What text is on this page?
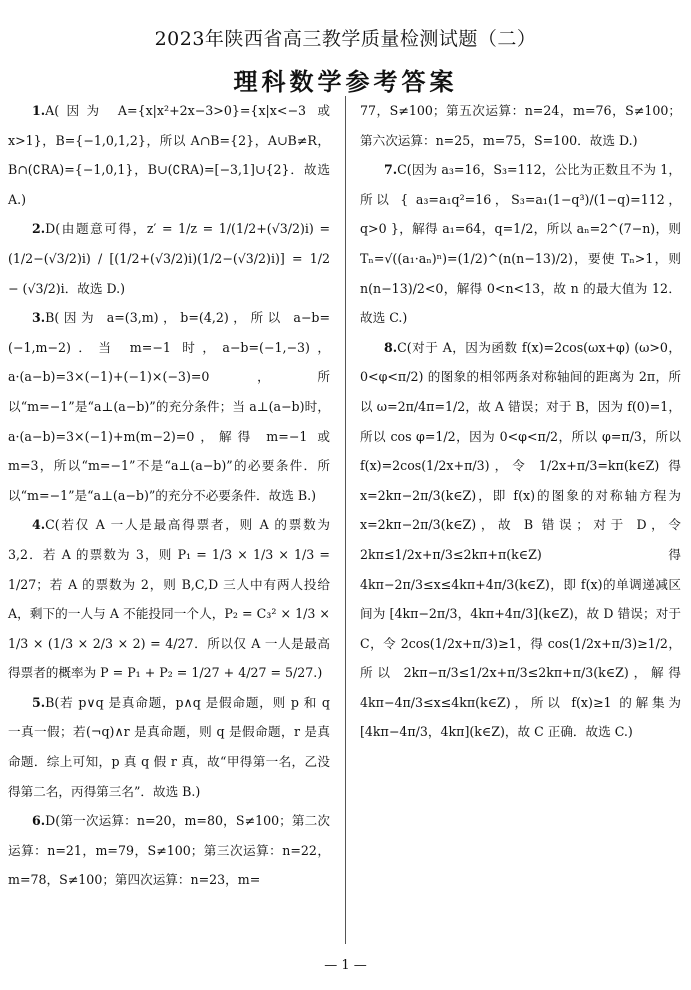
2023年陕西省高三教学质量检测试题（二）
理科数学参考答案

1.A(因为 A={x|x²+2x−3>0}={x|x<−3 或 x>1}，B={−1,0,1,2}，所以 A∩B={2}，A∪B≠R，B∩(∁RA)={−1,0,1}，B∪(∁RA)=[−3,1]∪{2}．故选 A.)

2.D(由题意可得，z′ = 1/z = 1/(1/2+(√3/2)i) = (1/2−(√3/2)i) / [(1/2+(√3/2)i)(1/2−(√3/2)i)] = 1/2 − (√3/2)i．故选 D.)

3.B(因为 a=(3,m)，b=(4,2)，所以 a−b=(−1,m−2)．当 m=−1 时，a−b=(−1,−3)，a·(a−b)=3×(−1)+(−1)×(−3)=0，所以“m=−1”是“a⊥(a−b)”的充分条件；当 a⊥(a−b)时，a·(a−b)=3×(−1)+m(m−2)=0，解得 m=−1 或 m=3，所以“m=−1”不是“a⊥(a−b)”的必要条件．所以“m=−1”是“a⊥(a−b)”的充分不必要条件．故选 B.)

4.C(若仅 A 一人是最高得票者，则 A 的票数为 3,2．若 A 的票数为 3，则 P₁ = 1/3 × 1/3 × 1/3 = 1/27；若 A 的票数为 2，则 B,C,D 三人中有两人投给 A，剩下的一人与 A 不能投同一个人，P₂ = C₃² × 1/3 × 1/3 × (1/3 × 2/3 × 2) = 4/27．所以仅 A 一人是最高得票者的概率为 P = P₁ + P₂ = 1/27 + 4/27 = 5/27.)

5.B(若 p∨q 是真命题，p∧q 是假命题，则 p 和 q 一真一假；若(¬q)∧r 是真命题，则 q 是假命题，r 是真命题．综上可知，p 真 q 假 r 真，故“甲得第一名，乙没得第二名，丙得第三名”．故选 B.)

6.D(第一次运算：n=20，m=80，S≠100；第二次运算：n=21，m=79，S≠100；第三次运算：n=22，m=78，S≠100；第四次运算：n=23，m=

77，S≠100；第五次运算：n=24，m=76，S≠100；第六次运算：n=25，m=75，S=100．故选 D.)

7.C(因为 a₃=16，S₃=112，公比为正数且不为 1，所以 { a₃=a₁q²=16，S₃=a₁(1−q³)/(1−q)=112，q>0 }，解得 a₁=64，q=1/2，所以 aₙ=2^(7−n)，则 Tₙ=√((a₁·aₙ)ⁿ)=(1/2)^(n(n−13)/2)，要使 Tₙ>1，则 n(n−13)/2<0，解得 0<n<13，故 n 的最大值为 12．故选 C.)

8.C(对于 A，因为函数 f(x)=2cos(ωx+φ) (ω>0，0<φ<π/2) 的图象的相邻两条对称轴间的距离为 2π，所以 ω=2π/4π=1/2，故 A 错误；对于 B，因为 f(0)=1，所以 cos φ=1/2，因为 0<φ<π/2，所以 φ=π/3，所以 f(x)=2cos(1/2x+π/3)，令 1/2x+π/3=kπ(k∈Z) 得 x=2kπ−2π/3(k∈Z)，即 f(x)的图象的对称轴方程为 x=2kπ−2π/3(k∈Z)，故 B 错误；对于 D，令 2kπ≤1/2x+π/3≤2kπ+π(k∈Z) 得 4kπ−2π/3≤x≤4kπ+4π/3(k∈Z)，即 f(x)的单调递减区间为 [4kπ−2π/3，4kπ+4π/3](k∈Z)，故 D 错误；对于 C，令 2cos(1/2x+π/3)≥1，得 cos(1/2x+π/3)≥1/2，所以 2kπ−π/3≤1/2x+π/3≤2kπ+π/3(k∈Z)，解得 4kπ−4π/3≤x≤4kπ(k∈Z)，所以 f(x)≥1 的解集为 [4kπ−4π/3，4kπ](k∈Z)，故 C 正确．故选 C.)

— 1 —
